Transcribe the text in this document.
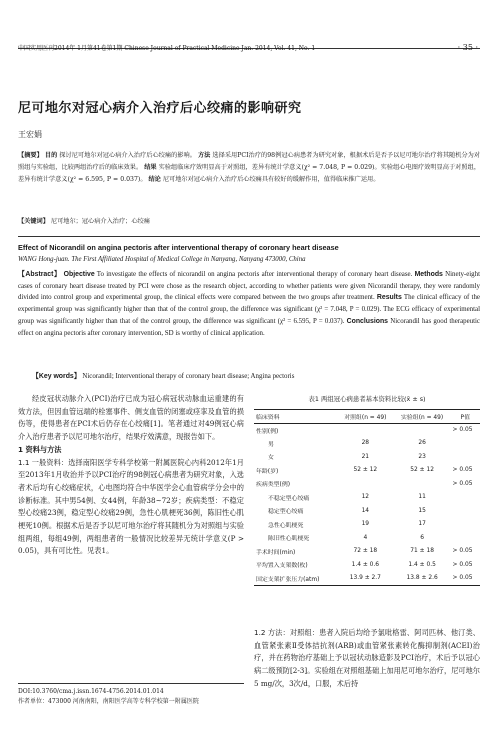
中国实用医刊2014年 1月第41卷第1期 Chinese Journal of Practical Medicine Jan. 2014, Vol. 41, No. 1	· 35 ·
尼可地尔对冠心病介入治疗后心绞痛的影响研究
王宏娟
【摘要】 目的 探讨尼可地尔对冠心病介入治疗后心绞痛的影响。 方法 选择采用PCI治疗的98例冠心病患者为研究对象，根据术后是否予以尼可地尔治疗将其随机分为对照组与实验组，比较两组治疗后的临床效果。 结果 实验组临床疗效明显高于对照组，差异有统计学意义(χ² = 7.048, P = 0.029)。实验组心电图疗效明显高于对照组，差异有统计学意义(χ² = 6.595, P = 0.037)。 结论 尼可地尔对冠心病介入治疗后心绞痛具有较好的缓解作用，值得临床推广运用。
【关键词】 尼可地尔；冠心病介入治疗；心绞痛
Effect of Nicorandil on angina pectoris after interventional therapy of coronary heart disease
WANG Hong-juan. The First Affiliated Hospital of Medical College in Nanyang, Nanyang 473000, China
【Abstract】 Objective To investigate the effects of nicorandil on angina pectoris after interventional therapy of coronary heart disease. Methods Ninety-eight cases of coronary heart disease treated by PCI were chose as the research object, according to whether patients were given Nicorandil therapy, they were randomly divided into control group and experimental group, the clinical effects were compared between the two groups after treatment. Results The clinical efficacy of the experimental group was significantly higher than that of the control group, the difference was significant (χ² = 7.048, P = 0.029). The ECG efficacy of experimental group was significantly higher than that of the control group, the difference was significant (χ² = 6.595, P = 0.037). Conclusions Nicorandil has good therapeutic effect on angina pectoris after coronary intervention, SD is worthy of clinical application.
【Key words】 Nicorandil; Interventional therapy of coronary heart disease; Angina pectoris

经皮冠状动脉介入(PCI)治疗已成为冠心病冠状动脉血运重建的有效方法，但因血管远端的栓塞事件、侧支血管的闭塞或痉挛及血管的损伤等，使得患者在PCI术后仍存在心绞痛[1]。笔者通过对49例冠心病介入治疗患者予以尼可地尔治疗，结果疗效满意，现报告如下。

1 资料与方法

1.1 一般资料：选择南阳医学专科学校第一附属医院心内科2012年1月至2013年1月收治并予以PCI治疗的98例冠心病患者为研究对象，入选者术后均有心绞痛症状，心电图均符合中华医学会心血管病学分会中的诊断标准。其中男54例、女44例，年龄38~72岁；疾病类型：不稳定型心绞痛23例，稳定型心绞痛29例，急性心肌梗死36例，陈旧性心肌梗死10例。根据术后是否予以尼可地尔治疗将其随机分为对照组与实验组两组，每组49例，两组患者的一般情况比较差异无统计学意义(P > 0.05)，具有可比性。见表1。

DOI:10.3760/cma.j.issn.1674-4756.2014.01.014
作者单位：473000 河南南阳，南阳医学高等专科学校第一附属医院
表1 两组冠心病患者基本资料比较(x̄ ± s)
临床资料	对照组(n = 49)	实验组(n = 49)	P值
性别(例)			> 0.05
男	28	26	
女	21	23	
年龄(岁)	52 ± 12	52 ± 12	> 0.05
疾病类型(例)			> 0.05
不稳定型心绞痛	12	11	
稳定型心绞痛	14	15	
急性心肌梗死	19	17	
陈旧性心肌梗死	4	6	
手术时间(min)	72 ± 18	71 ± 18	> 0.05
平均置入支架数(枚)	1.4 ± 0.6	1.4 ± 0.5	> 0.05
国定支架扩张压力(atm)	13.9 ± 2.7	13.8 ± 2.6	> 0.05

1.2 方法：对照组：患者入院后均给予氯吡格雷、阿司匹林、他汀类、血管紧张素Ⅱ受体拮抗剂(ARB)或血管紧张素转化酶抑制剂(ACEI)治疗，并在药物治疗基础上予以冠状动脉造影及PCI治疗，术后予以冠心病二级预防[2-3]。实验组在对照组基础上加用尼可地尔治疗，尼可地尔5 mg/次，3次/d，口服，术后持
